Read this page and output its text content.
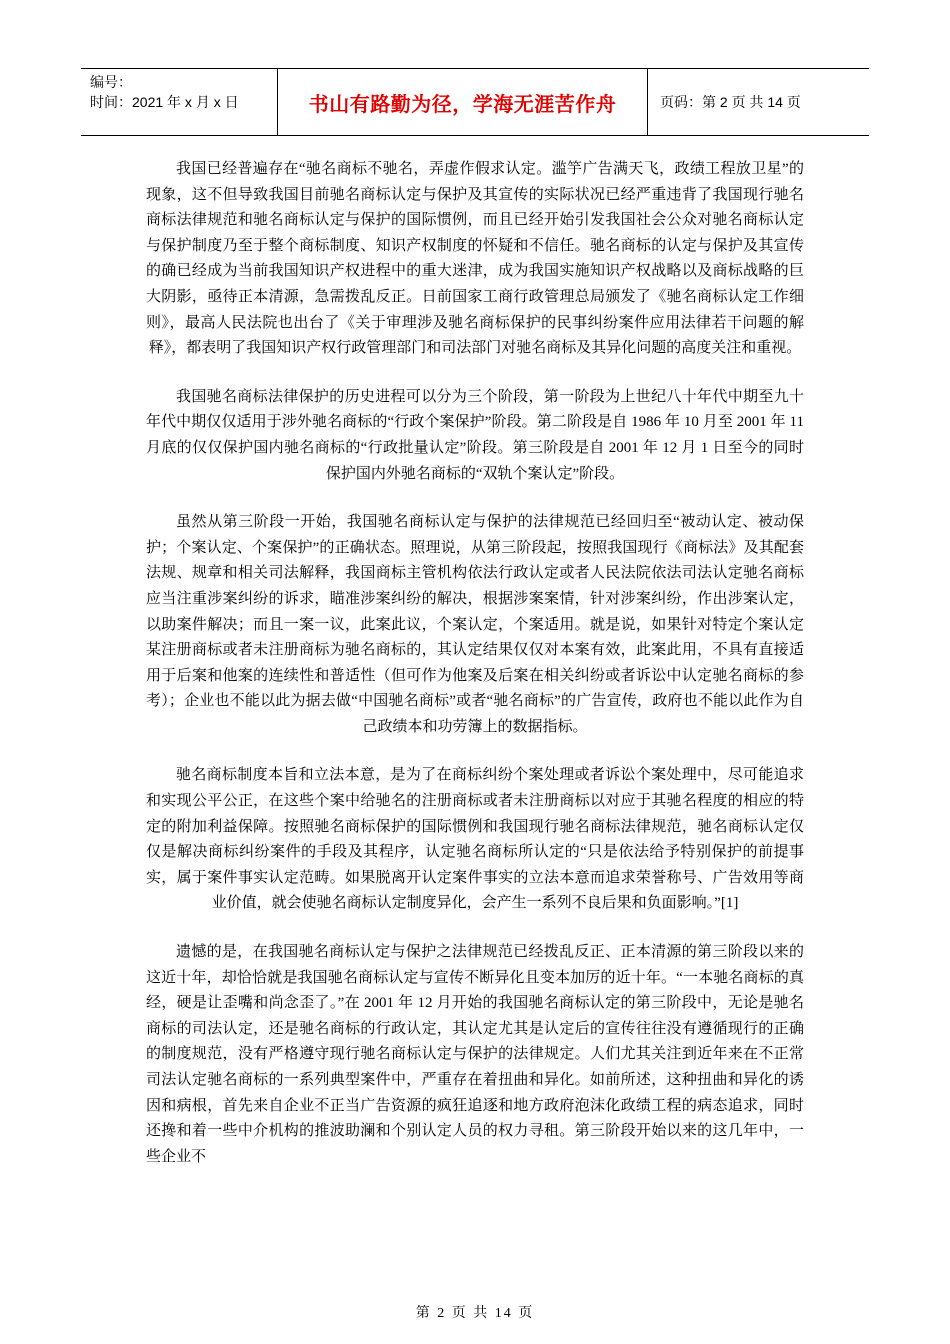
编号：
时间：2021 年 x 月 x 日	书山有路勤为径，学海无涯苦作舟	页码：第 2 页 共 14 页

我国已经普遍存在“驰名商标不驰名，弄虚作假求认定。滥竽广告满天飞，政绩工程放卫星”的现象，这不但导致我国目前驰名商标认定与保护及其宣传的实际状况已经严重违背了我国现行驰名商标法律规范和驰名商标认定与保护的国际惯例，而且已经开始引发我国社会公众对驰名商标认定与保护制度乃至于整个商标制度、知识产权制度的怀疑和不信任。驰名商标的认定与保护及其宣传的确已经成为当前我国知识产权进程中的重大迷津，成为我国实施知识产权战略以及商标战略的巨大阴影，亟待正本清源，急需拨乱反正。日前国家工商行政管理总局颁发了《驰名商标认定工作细则》，最高人民法院也出台了《关于审理涉及驰名商标保护的民事纠纷案件应用法律若干问题的解释》，都表明了我国知识产权行政管理部门和司法部门对驰名商标及其异化问题的高度关注和重视。

我国驰名商标法律保护的历史进程可以分为三个阶段，第一阶段为上世纪八十年代中期至九十年代中期仅仅适用于涉外驰名商标的“行政个案保护”阶段。第二阶段是自 1986 年 10 月至 2001 年 11 月底的仅仅保护国内驰名商标的“行政批量认定”阶段。第三阶段是自 2001 年 12 月 1 日至今的同时保护国内外驰名商标的“双轨个案认定”阶段。

虽然从第三阶段一开始，我国驰名商标认定与保护的法律规范已经回归至“被动认定、被动保护；个案认定、个案保护”的正确状态。照理说，从第三阶段起，按照我国现行《商标法》及其配套法规、规章和相关司法解释，我国商标主管机构依法行政认定或者人民法院依法司法认定驰名商标应当注重涉案纠纷的诉求，瞄准涉案纠纷的解决，根据涉案案情，针对涉案纠纷，作出涉案认定，以助案件解决；而且一案一议，此案此议，个案认定，个案适用。就是说，如果针对特定个案认定某注册商标或者未注册商标为驰名商标的，其认定结果仅仅对本案有效，此案此用，不具有直接适用于后案和他案的连续性和普适性（但可作为他案及后案在相关纠纷或者诉讼中认定驰名商标的参考）；企业也不能以此为据去做“中国驰名商标”或者“驰名商标”的广告宣传，政府也不能以此作为自己政绩本和功劳簿上的数据指标。

驰名商标制度本旨和立法本意，是为了在商标纠纷个案处理或者诉讼个案处理中，尽可能追求和实现公平公正，在这些个案中给驰名的注册商标或者未注册商标以对应于其驰名程度的相应的特定的附加利益保障。按照驰名商标保护的国际惯例和我国现行驰名商标法律规范，驰名商标认定仅仅是解决商标纠纷案件的手段及其程序，认定驰名商标所认定的“只是依法给予特别保护的前提事实，属于案件事实认定范畴。如果脱离开认定案件事实的立法本意而追求荣誉称号、广告效用等商业价值，就会使驰名商标认定制度异化，会产生一系列不良后果和负面影响。”[1]

遗憾的是，在我国驰名商标认定与保护之法律规范已经拨乱反正、正本清源的第三阶段以来的这近十年，却恰恰就是我国驰名商标认定与宣传不断异化且变本加厉的近十年。“一本驰名商标的真经，硬是让歪嘴和尚念歪了。”在 2001 年 12 月开始的我国驰名商标认定的第三阶段中，无论是驰名商标的司法认定，还是驰名商标的行政认定，其认定尤其是认定后的宣传往往没有遵循现行的正确的制度规范，没有严格遵守现行驰名商标认定与保护的法律规定。人们尤其关注到近年来在不正常司法认定驰名商标的一系列典型案件中，严重存在着扭曲和异化。如前所述，这种扭曲和异化的诱因和病根，首先来自企业不正当广告资源的疯狂追逐和地方政府泡沫化政绩工程的病态追求，同时还搀和着一些中介机构的推波助澜和个别认定人员的权力寻租。第三阶段开始以来的这几年中，一些企业不

第 2 页 共 14 页
